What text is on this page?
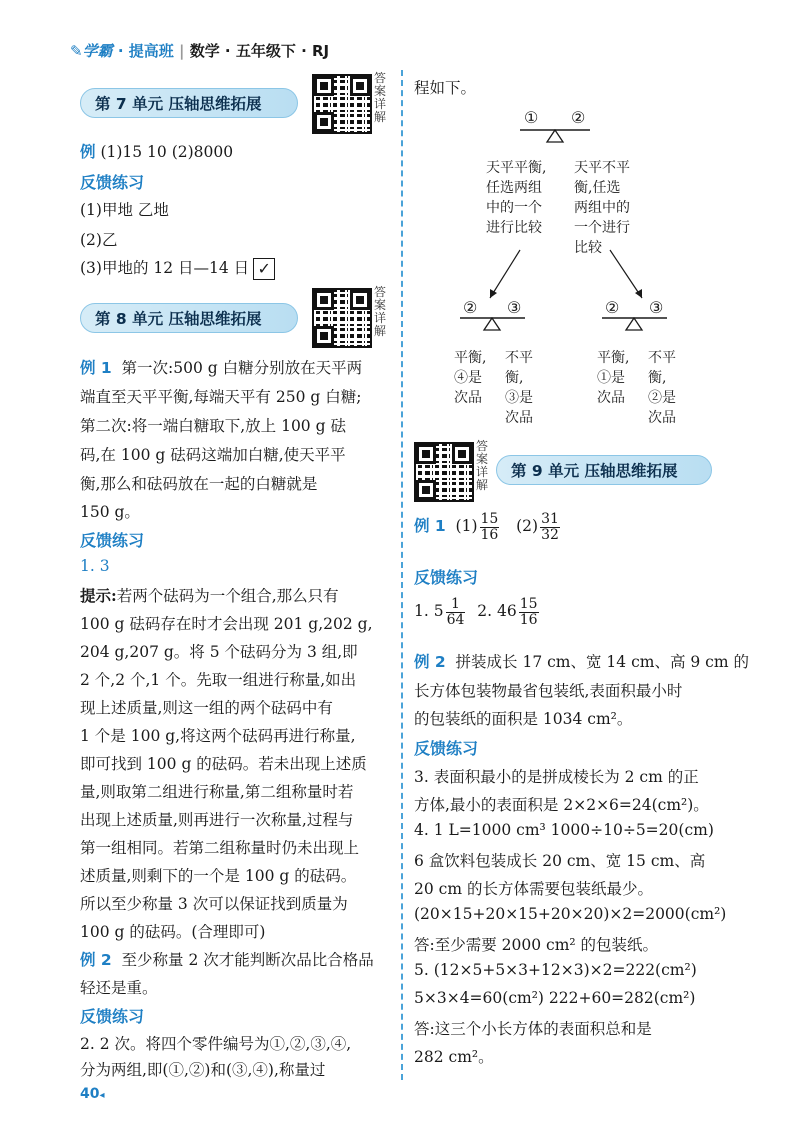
✎学霸 · 提高班 | 数学 · 五年级下 · RJ
第 7 单元 压轴思维拓展
答案详解
例 (1)15 10 (2)8000
反馈练习
(1)甲地 乙地
(2)乙
(3)甲地的 12 日—14 日 ✓
第 8 单元 压轴思维拓展
答案详解
例 1 第一次:500 g 白糖分别放在天平两
端直至天平平衡,每端天平有 250 g 白糖;
第二次:将一端白糖取下,放上 100 g 砝
码,在 100 g 砝码这端加白糖,使天平平
衡,那么和砝码放在一起的白糖就是
150 g。
反馈练习
1. 3
提示:若两个砝码为一个组合,那么只有
100 g 砝码存在时才会出现 201 g,202 g,
204 g,207 g。将 5 个砝码分为 3 组,即
2 个,2 个,1 个。先取一组进行称量,如出
现上述质量,则这一组的两个砝码中有
1 个是 100 g,将这两个砝码再进行称量,
即可找到 100 g 的砝码。若未出现上述质
量,则取第二组进行称量,第二组称量时若
出现上述质量,则再进行一次称量,过程与
第一组相同。若第二组称量时仍未出现上
述质量,则剩下的一个是 100 g 的砝码。
所以至少称量 3 次可以保证找到质量为
100 g 的砝码。(合理即可)
例 2 至少称量 2 次才能判断次品比合格品
轻还是重。
反馈练习
2. 2 次。将四个零件编号为①,②,③,④,
分为两组,即(①,②)和(③,④),称量过
40◂
程如下。
① ②
天平平衡,
任选两组
中的一个
进行比较
天平不平
衡,任选
两组中的
一个进行
比较
② ③	② ③
平衡,
④是
次品
不平
衡,
③是
次品
平衡,
①是
次品
不平
衡,
②是
次品
答案详解
第 9 单元 压轴思维拓展
例 1 $(1) \frac{15}{16} (2) \frac{31}{32}$
反馈练习
1. $5 \frac{1}{64} 2$. $46 \frac{15}{16}$
例 2 拼装成长 17 cm、宽 14 cm、高 9 cm 的
长方体包装物最省包装纸,表面积最小时
的包装纸的面积是 1034 cm²。
反馈练习
3. 表面积最小的是拼成棱长为 2 cm 的正
方体,最小的表面积是 2×2×6=24(cm²)。
4. 1 L=1000 cm³ 1000÷10÷5=20(cm)
6 盒饮料包装成长 20 cm、宽 15 cm、高
20 cm 的长方体需要包装纸最少。
(20×15+20×15+20×20)×2=2000(cm²)
答:至少需要 2000 cm² 的包装纸。
5. (12×5+5×3+12×3)×2=222(cm²)
5×3×4=60(cm²) 222+60=282(cm²)
答:这三个小长方体的表面积总和是
282 cm²。
